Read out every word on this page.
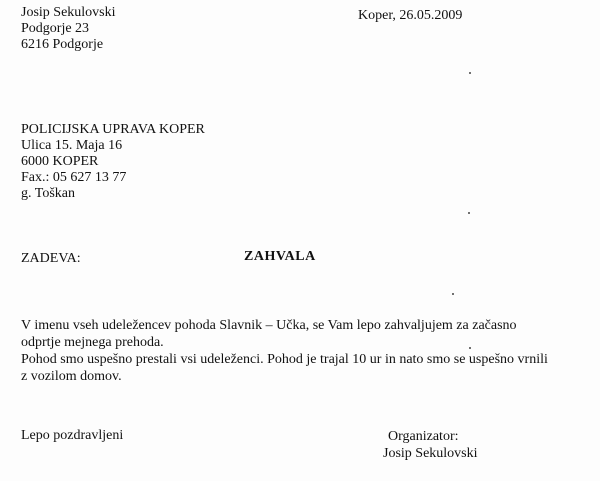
Josip Sekulovski
Podgorje 23
6216 Podgorje
Koper, 26.05.2009
POLICIJSKA UPRAVA KOPER
Ulica 15. Maja 16
6000 KOPER
Fax.: 05 627 13 77
g. Toškan
ZADEVA:	ZAHVALA
V imenu vseh udeležencev pohoda Slavnik – Učka, se Vam lepo zahvaljujem za začasno
odprtje mejnega prehoda.
Pohod smo uspešno prestali vsi udeleženci. Pohod je trajal 10 ur in nato smo se uspešno vrnili
z vozilom domov.
Lepo pozdravljeni	Organizator:
Josip Sekulovski
